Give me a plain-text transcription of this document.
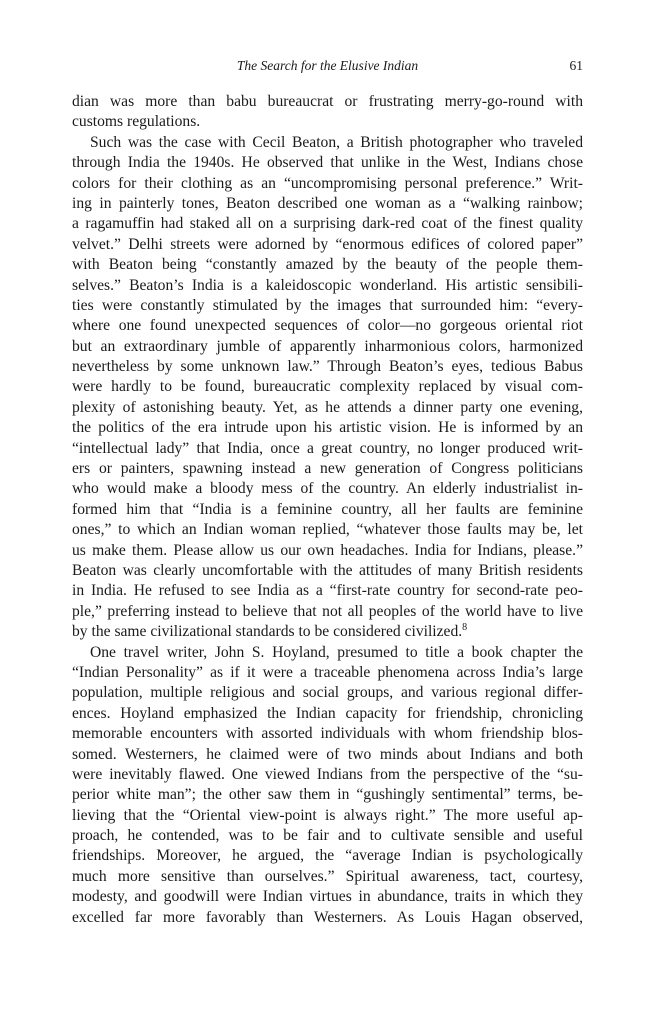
The Search for the Elusive Indian	61
dian was more than babu bureaucrat or frustrating merry-go-round with
customs regulations.
Such was the case with Cecil Beaton, a British photographer who traveled
through India the 1940s. He observed that unlike in the West, Indians chose
colors for their clothing as an “uncompromising personal preference.” Writ-
ing in painterly tones, Beaton described one woman as a “walking rainbow;
a ragamuffin had staked all on a surprising dark-red coat of the finest quality
velvet.” Delhi streets were adorned by “enormous edifices of colored paper”
with Beaton being “constantly amazed by the beauty of the people them-
selves.” Beaton’s India is a kaleidoscopic wonderland. His artistic sensibili-
ties were constantly stimulated by the images that surrounded him: “every-
where one found unexpected sequences of color—no gorgeous oriental riot
but an extraordinary jumble of apparently inharmonious colors, harmonized
nevertheless by some unknown law.” Through Beaton’s eyes, tedious Babus
were hardly to be found, bureaucratic complexity replaced by visual com-
plexity of astonishing beauty. Yet, as he attends a dinner party one evening,
the politics of the era intrude upon his artistic vision. He is informed by an
“intellectual lady” that India, once a great country, no longer produced writ-
ers or painters, spawning instead a new generation of Congress politicians
who would make a bloody mess of the country. An elderly industrialist in-
formed him that “India is a feminine country, all her faults are feminine
ones,” to which an Indian woman replied, “whatever those faults may be, let
us make them. Please allow us our own headaches. India for Indians, please.”
Beaton was clearly uncomfortable with the attitudes of many British residents
in India. He refused to see India as a “first-rate country for second-rate peo-
ple,” preferring instead to believe that not all peoples of the world have to live
by the same civilizational standards to be considered civilized.$^8$
One travel writer, John S. Hoyland, presumed to title a book chapter the
“Indian Personality” as if it were a traceable phenomena across India’s large
population, multiple religious and social groups, and various regional differ-
ences. Hoyland emphasized the Indian capacity for friendship, chronicling
memorable encounters with assorted individuals with whom friendship blos-
somed. Westerners, he claimed were of two minds about Indians and both
were inevitably flawed. One viewed Indians from the perspective of the “su-
perior white man”; the other saw them in “gushingly sentimental” terms, be-
lieving that the “Oriental view-point is always right.” The more useful ap-
proach, he contended, was to be fair and to cultivate sensible and useful
friendships. Moreover, he argued, the “average Indian is psychologically
much more sensitive than ourselves.” Spiritual awareness, tact, courtesy,
modesty, and goodwill were Indian virtues in abundance, traits in which they
excelled far more favorably than Westerners. As Louis Hagan observed,
